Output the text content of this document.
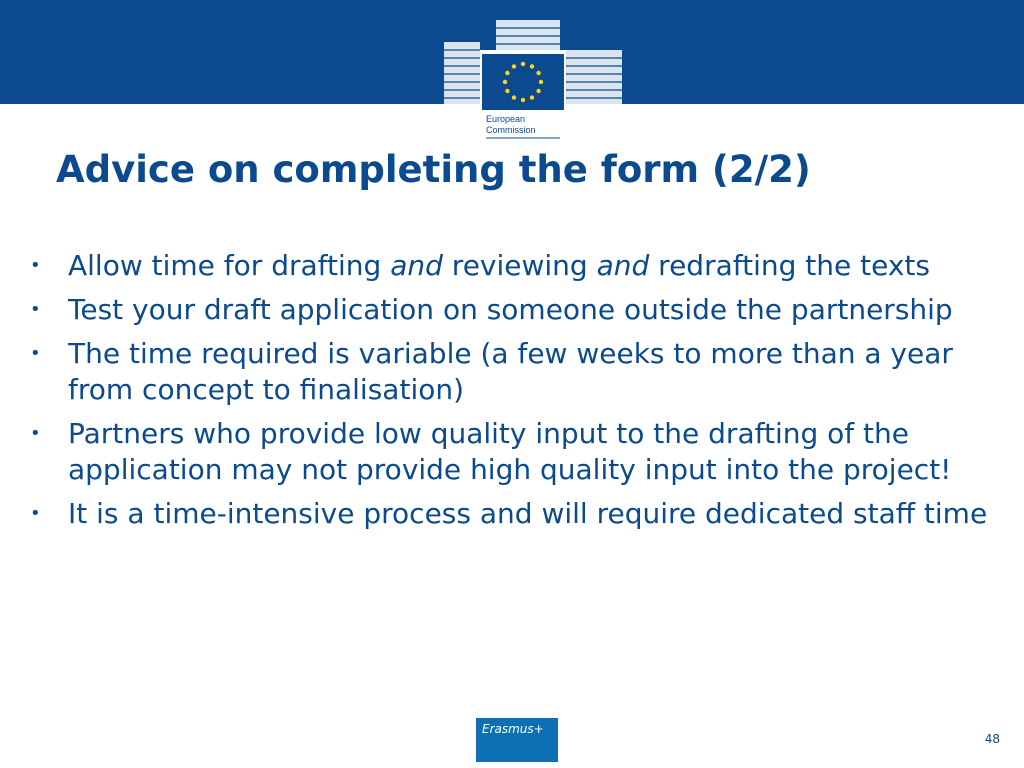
European
Commission
Advice on completing the form (2/2)
• Allow time for drafting and reviewing and redrafting the texts
• Test your draft application on someone outside the partnership
• The time required is variable (a few weeks to more than a year from concept to finalisation)
• Partners who provide low quality input to the drafting of the application may not provide high quality input into the project!
• It is a time-intensive process and will require dedicated staff time
Erasmus+
48
